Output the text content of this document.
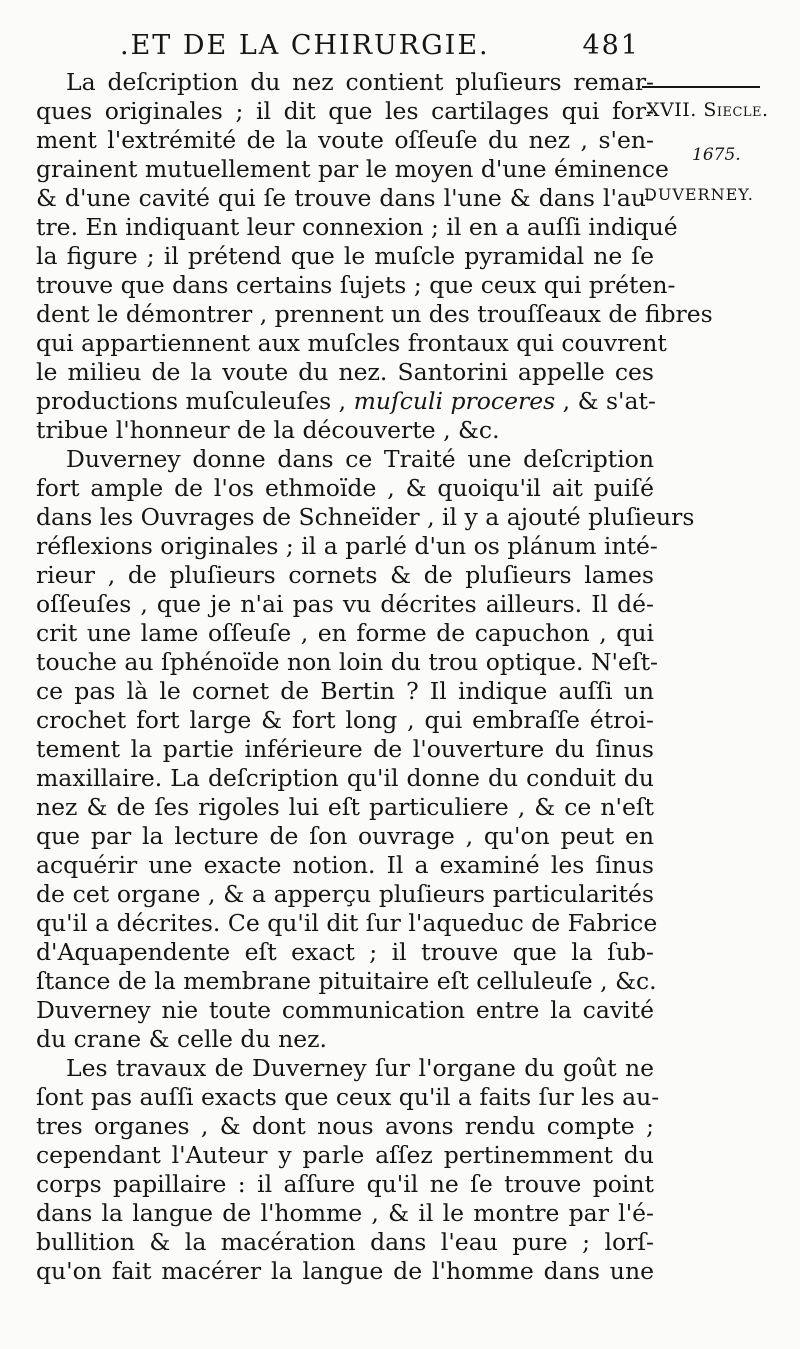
.ET DE LA CHIRURGIE.	481
XVII. Siecle.
1675.
DUVERNEY.
La deſcription du nez contient pluſieurs remar-
ques originales ; il dit que les cartilages qui for-
ment l'extrémité de la voute oſſeuſe du nez , s'en-
grainent mutuellement par le moyen d'une éminence
& d'une cavité qui ſe trouve dans l'une & dans l'au-
tre. En indiquant leur connexion ; il en a auſſi indiqué
la figure ; il prétend que le muſcle pyramidal ne ſe
trouve que dans certains ſujets ; que ceux qui préten-
dent le démontrer , prennent un des trouſſeaux de fibres
qui appartiennent aux muſcles frontaux qui couvrent
le milieu de la voute du nez. Santorini appelle ces
productions muſculeuſes , muſculi proceres , & s'at-
tribue l'honneur de la découverte , &c.
Duverney donne dans ce Traité une deſcription
fort ample de l'os ethmoïde , & quoiqu'il ait puiſé
dans les Ouvrages de Schneïder , il y a ajouté pluſieurs
réflexions originales ; il a parlé d'un os plánum inté-
rieur , de pluſieurs cornets & de pluſieurs lames
oſſeuſes , que je n'ai pas vu décrites ailleurs. Il dé-
crit une lame oſſeuſe , en forme de capuchon , qui
touche au ſphénoïde non loin du trou optique. N'eſt-
ce pas là le cornet de Bertin ? Il indique auſſi un
crochet fort large & fort long , qui embraſſe étroi-
tement la partie inférieure de l'ouverture du ſinus
maxillaire. La deſcription qu'il donne du conduit du
nez & de ſes rigoles lui eſt particuliere , & ce n'eſt
que par la lecture de ſon ouvrage , qu'on peut en
acquérir une exacte notion. Il a examiné les ſinus
de cet organe , & a apperçu pluſieurs particularités
qu'il a décrites. Ce qu'il dit ſur l'aqueduc de Fabrice
d'Aquapendente eſt exact ; il trouve que la ſub-
ſtance de la membrane pituitaire eſt celluleuſe , &c.
Duverney nie toute communication entre la cavité
du crane & celle du nez.
Les travaux de Duverney ſur l'organe du goût ne
ſont pas auſſi exacts que ceux qu'il a faits ſur les au-
tres organes , & dont nous avons rendu compte ;
cependant l'Auteur y parle aſſez pertinemment du
corps papillaire : il aſſure qu'il ne ſe trouve point
dans la langue de l'homme , & il le montre par l'é-
bullition & la macération dans l'eau pure ; lorſ-
qu'on fait macérer la langue de l'homme dans une
